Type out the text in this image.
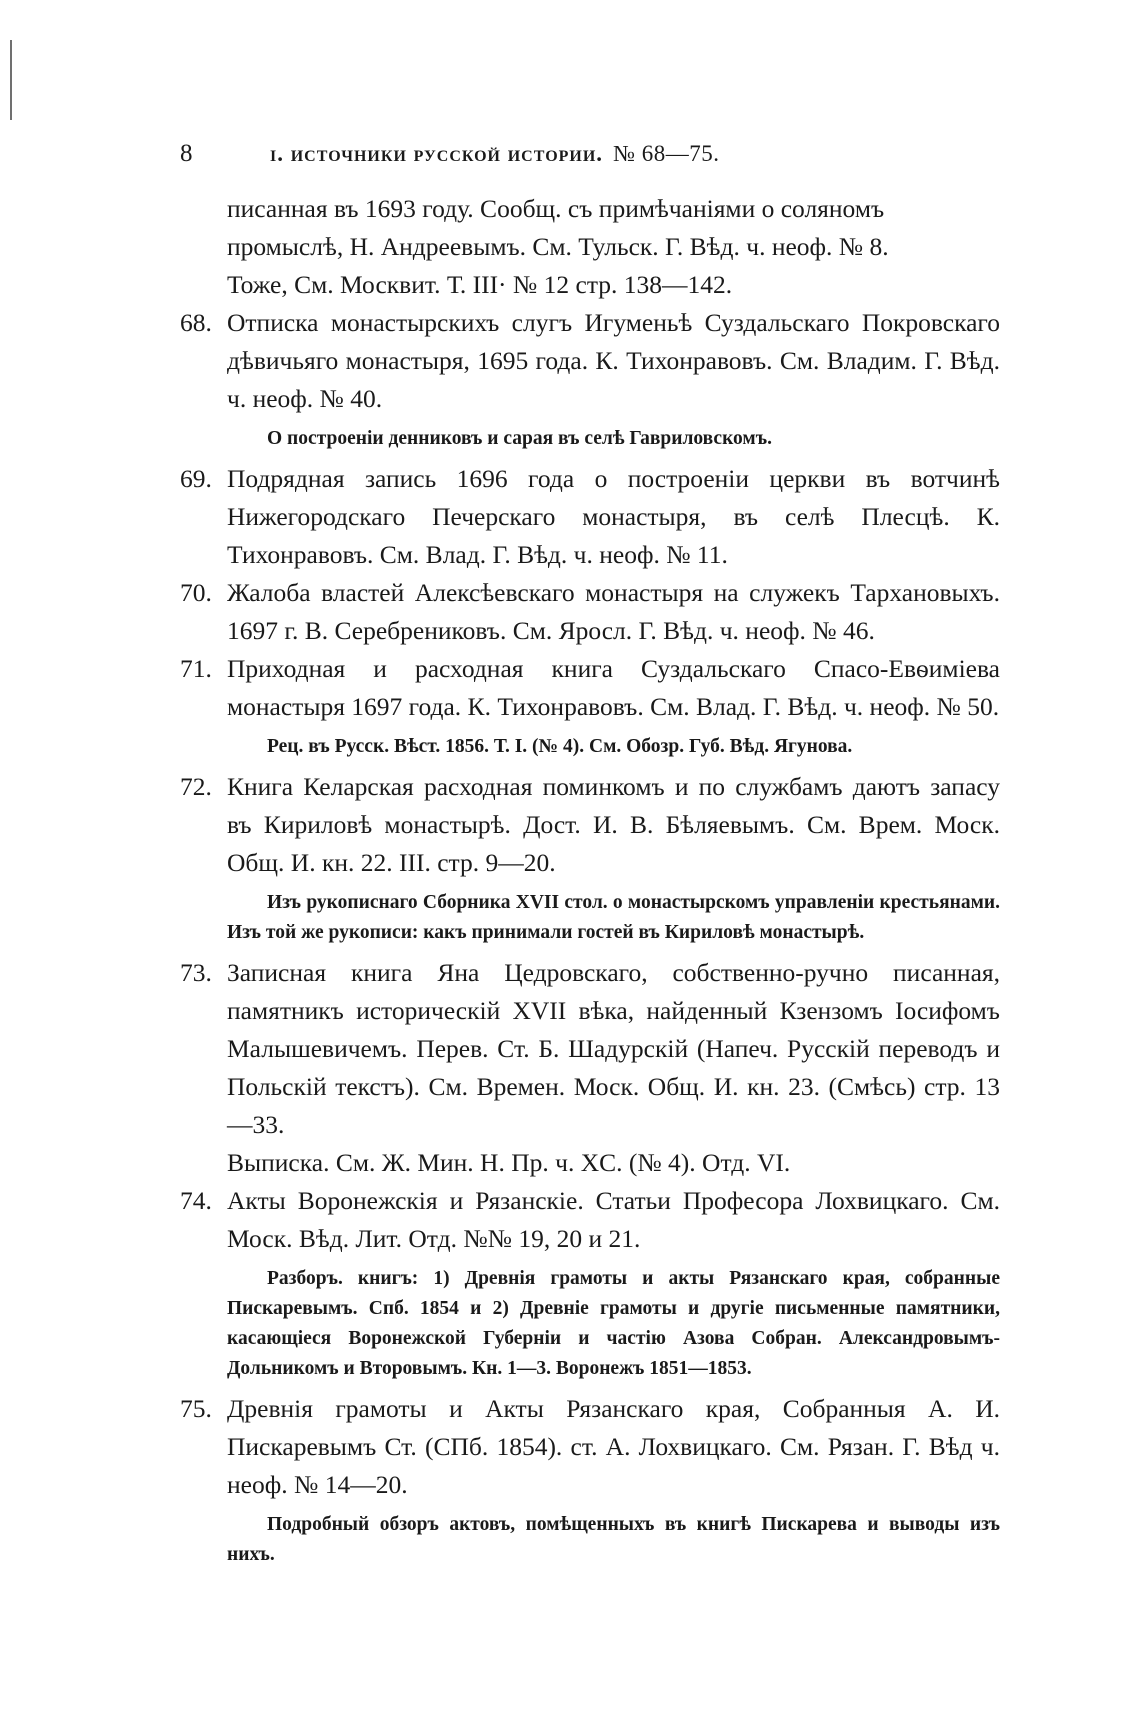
8	ı. источники русской истории. № 68—75.
писанная въ 1693 году. Сообщ. съ примѣчаніями о соляномъ
промыслѣ, Н. Андреевымъ. См. Тульск. Г. Вѣд. ч. неоф. № 8.
Тоже, См. Москвит. Т. III· № 12 стр. 138—142.
68. Отписка монастырскихъ слугъ Игуменьѣ Суздальскаго Покровскаго дѣвичьяго монастыря, 1695 года. К. Тихонравовъ. См. Владим. Г. Вѣд. ч. неоф. № 40.
О построеніи денниковъ и сарая въ селѣ Гавриловскомъ.
69. Подрядная запись 1696 года о построеніи церкви въ вотчинѣ Нижегородскаго Печерскаго монастыря, въ селѣ Плесцѣ. К. Тихонравовъ. См. Влад. Г. Вѣд. ч. неоф. № 11.
70. Жалоба властей Алексѣевскаго монастыря на служекъ Тархановыхъ. 1697 г. В. Серебрениковъ. См. Яросл. Г. Вѣд. ч. неоф. № 46.
71. Приходная и расходная книга Суздальскаго Спасо-Евѳиміева монастыря 1697 года. К. Тихонравовъ. См. Влад. Г. Вѣд. ч. неоф. № 50.
Рец. въ Русск. Вѣст. 1856. Т. I. (№ 4). См. Обозр. Губ. Вѣд. Ягунова.
72. Книга Келарская расходная поминкомъ и по службамъ даютъ запасу въ Кириловѣ монастырѣ. Дост. И. В. Бѣляевымъ. См. Врем. Моск. Общ. И. кн. 22. III. стр. 9—20.
Изъ рукописнаго Сборника XVII стол. о монастырскомъ управленіи крестьянами. Изъ той же рукописи: какъ принимали гостей въ Кириловѣ монастырѣ.
73. Записная книга Яна Цедровскаго, собственно-ручно писанная, памятникъ историческій XVII вѣка, найденный Кзензомъ Іосифомъ Малышевичемъ. Перев. Ст. Б. Шадурскій (Напеч. Русскій переводъ и Польскій текстъ). См. Времен. Моск. Общ. И. кн. 23. (Смѣсь) стр. 13—33.
Выписка. См. Ж. Мин. Н. Пр. ч. XC. (№ 4). Отд. VI.
74. Акты Воронежскія и Рязанскіе. Статьи Професора Лохвицкаго. См. Моск. Вѣд. Лит. Отд. №№ 19, 20 и 21.
Разборъ. книгъ: 1) Древнія грамоты и акты Рязанскаго края, собранные Пискаревымъ. Спб. 1854 и 2) Древніе грамоты и другіе письменные памятники, касающіеся Воронежской Губерніи и частію Азова Собран. Александровымъ-Дольникомъ и Второвымъ. Кн. 1—3. Воронежъ 1851—1853.
75. Древнія грамоты и Акты Рязанскаго края, Собранныя А. И. Пискаревымъ Ст. (СПб. 1854). ст. А. Лохвицкаго. См. Рязан. Г. Вѣд ч. неоф. № 14—20.
Подробный обзоръ актовъ, помѣщенныхъ въ книгѣ Пискарева и выводы изъ нихъ.
